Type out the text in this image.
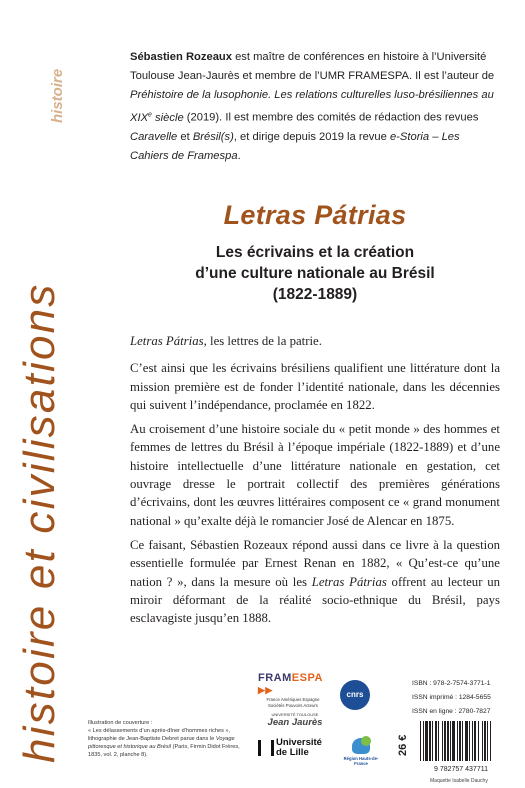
histoire et civilisations
histoire
Sébastien Rozeaux est maître de conférences en histoire à l’Université Toulouse Jean-Jaurès et membre de l’UMR FRAMESPA. Il est l’auteur de Préhistoire de la lusophonie. Les relations culturelles luso-brésiliennes au XIXe siècle (2019). Il est membre des comités de rédaction des revues Caravelle et Brésil(s), et dirige depuis 2019 la revue e-Storia – Les Cahiers de Framespa.
Letras Pátrias
Les écrivains et la création
d’une culture nationale au Brésil
(1822-1889)

Letras Pátrias, les lettres de la patrie.

C’est ainsi que les écrivains brésiliens qualifient une littérature dont la mission première est de fonder l’identité nationale, dans les décennies qui suivent l’indépendance, proclamée en 1822.

Au croisement d’une histoire sociale du « petit monde » des hommes et femmes de lettres du Brésil à l’époque impériale (1822-1889) et d’une histoire intellectuelle d’une littérature nationale en gestation, cet ouvrage dresse le portrait collectif des premières générations d’écrivains, dont les œuvres littéraires composent ce « grand monument national » qu’exalte déjà le romancier José de Alencar en 1875.

Ce faisant, Sébastien Rozeaux répond aussi dans ce livre à la question essentielle formulée par Ernest Renan en 1882, « Qu’est-ce qu’une nation ? », dans la mesure où les Letras Pátrias offrent au lecteur un miroir déformant de la réalité socio-ethnique du Brésil, pays esclavagiste jusqu’en 1888.

Illustration de couverture :
« Les délassements d’un après-dîner d’hommes riches », lithographie de Jean-Baptiste Debret parue dans le Voyage pittoresque et historique au Brésil (Paris, Firmin Didot Frères, 1835, vol. 2, planche 8).
FRAMESPA ▶▶
France Amériques Espagne
Sociétés Pouvoirs Acteurs
cnrs
UNIVERSITÉ TOULOUSE
Jean Jaurès
Université
de Lille
Région Hauts-de-France
ISBN : 978-2-7574-3771-1
ISSN imprimé : 1284-5655
ISSN en ligne : 2780-7827
26 €
9 782757 437711
Maquette Isabelle Dauchy
